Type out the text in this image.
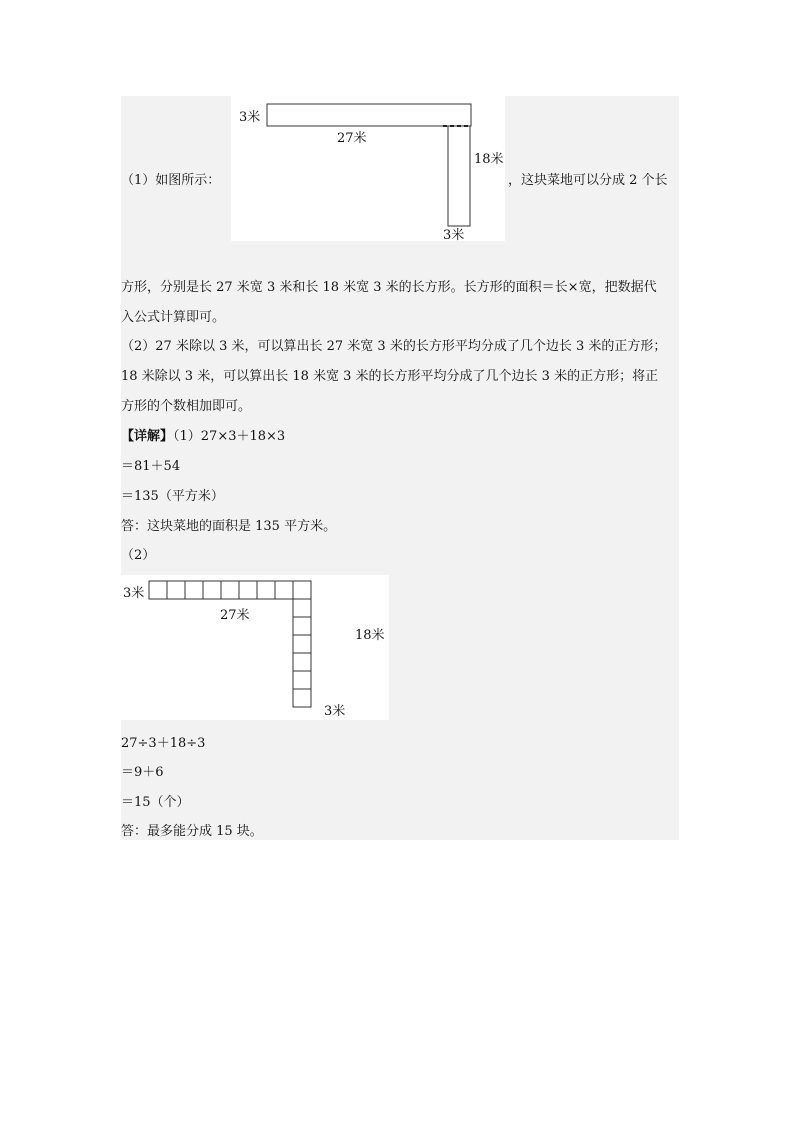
3米
27米
18米
3米
（1）如图所示：	，这块菜地可以分成 2 个长
方形，分别是长 27 米宽 3 米和长 18 米宽 3 米的长方形。长方形的面积＝长×宽，把数据代
入公式计算即可。
（2）27 米除以 3 米，可以算出长 27 米宽 3 米的长方形平均分成了几个边长 3 米的正方形；
18 米除以 3 米，可以算出长 18 米宽 3 米的长方形平均分成了几个边长 3 米的正方形；将正
方形的个数相加即可。
【详解】（1）27×3＋18×3
＝81＋54
＝135（平方米）
答：这块菜地的面积是 135 平方米。
（2）
3米
27米
18米
3米
27÷3＋18÷3
＝9＋6
＝15（个）
答：最多能分成 15 块。
